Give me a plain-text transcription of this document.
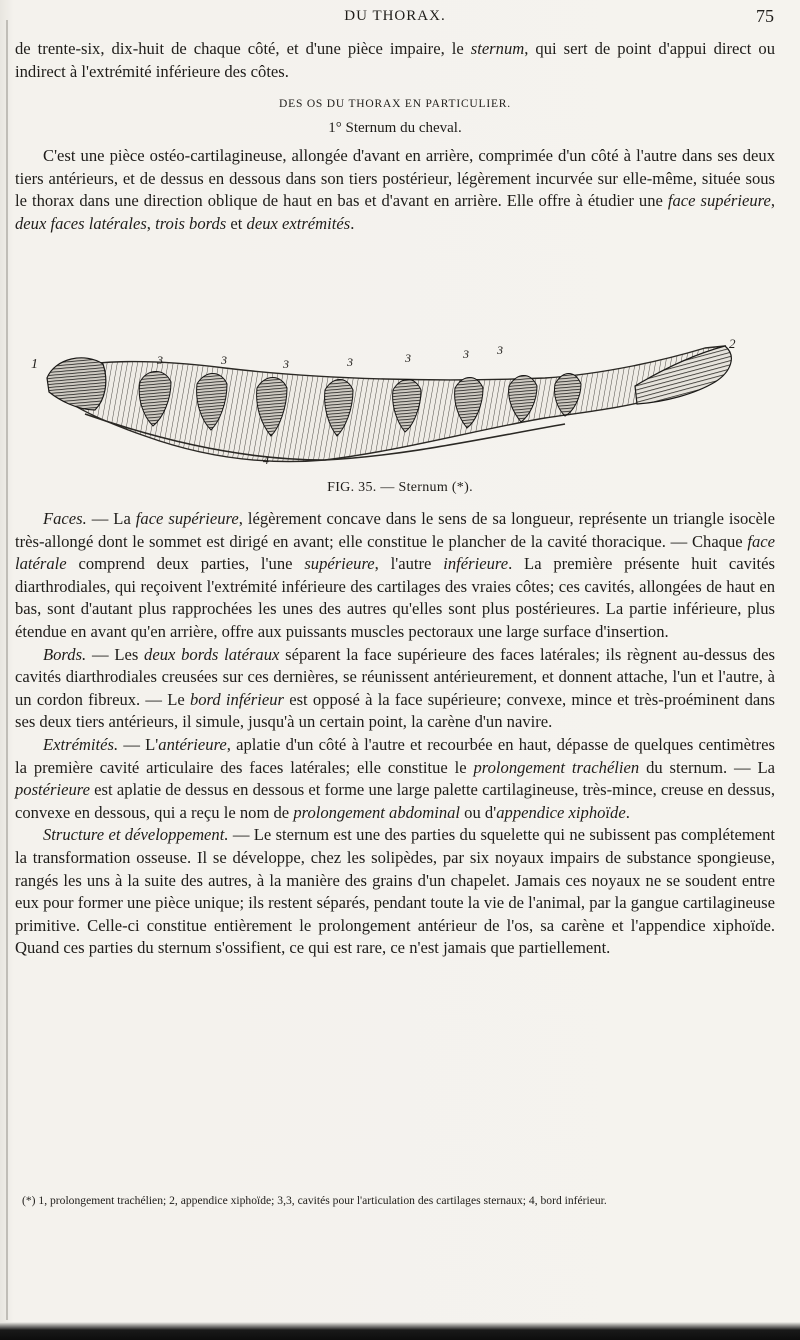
DU THORAX.	75

de trente-six, dix-huit de chaque côté, et d'une pièce impaire, le sternum, qui sert de point d'appui direct ou indirect à l'extrémité inférieure des côtes.

DES OS DU THORAX EN PARTICULIER.
1° Sternum du cheval.

C'est une pièce ostéo-cartilagineuse, allongée d'avant en arrière, comprimée d'un côté à l'autre dans ses deux tiers antérieurs, et de dessus en dessous dans son tiers postérieur, légèrement incurvée sur elle-même, située sous le thorax dans une direction oblique de haut en bas et d'avant en arrière. Elle offre à étudier une face supérieure, deux faces latérales, trois bords et deux extrémités.

1	3	3	3	3	3	3 3
4
2
FIG. 35. — Sternum (*).

Faces. — La face supérieure, légèrement concave dans le sens de sa longueur, représente un triangle isocèle très-allongé dont le sommet est dirigé en avant; elle constitue le plancher de la cavité thoracique. — Chaque face latérale comprend deux parties, l'une supérieure, l'autre inférieure. La première présente huit cavités diarthrodiales, qui reçoivent l'extrémité inférieure des cartilages des vraies côtes; ces cavités, allongées de haut en bas, sont d'autant plus rapprochées les unes des autres qu'elles sont plus postérieures. La partie inférieure, plus étendue en avant qu'en arrière, offre aux puissants muscles pectoraux une large surface d'insertion.

Bords. — Les deux bords latéraux séparent la face supérieure des faces latérales; ils règnent au-dessus des cavités diarthrodiales creusées sur ces dernières, se réunissent antérieurement, et donnent attache, l'un et l'autre, à un cordon fibreux. — Le bord inférieur est opposé à la face supérieure; convexe, mince et très-proéminent dans ses deux tiers antérieurs, il simule, jusqu'à un certain point, la carène d'un navire.

Extrémités. — L'antérieure, aplatie d'un côté à l'autre et recourbée en haut, dépasse de quelques centimètres la première cavité articulaire des faces latérales; elle constitue le prolongement trachélien du sternum. — La postérieure est aplatie de dessus en dessous et forme une large palette cartilagineuse, très-mince, creuse en dessus, convexe en dessous, qui a reçu le nom de prolongement abdominal ou d'appendice xiphoïde.

Structure et développement. — Le sternum est une des parties du squelette qui ne subissent pas complétement la transformation osseuse. Il se développe, chez les solipèdes, par six noyaux impairs de substance spongieuse, rangés les uns à la suite des autres, à la manière des grains d'un chapelet. Jamais ces noyaux ne se soudent entre eux pour former une pièce unique; ils restent séparés, pendant toute la vie de l'animal, par la gangue cartilagineuse primitive. Celle-ci constitue entièrement le prolongement antérieur de l'os, sa carène et l'appendice xiphoïde. Quand ces parties du sternum s'ossifient, ce qui est rare, ce n'est jamais que partiellement.

(*) 1, prolongement trachélien; 2, appendice xiphoïde; 3,3, cavités pour l'articulation des cartilages sternaux; 4, bord inférieur.
